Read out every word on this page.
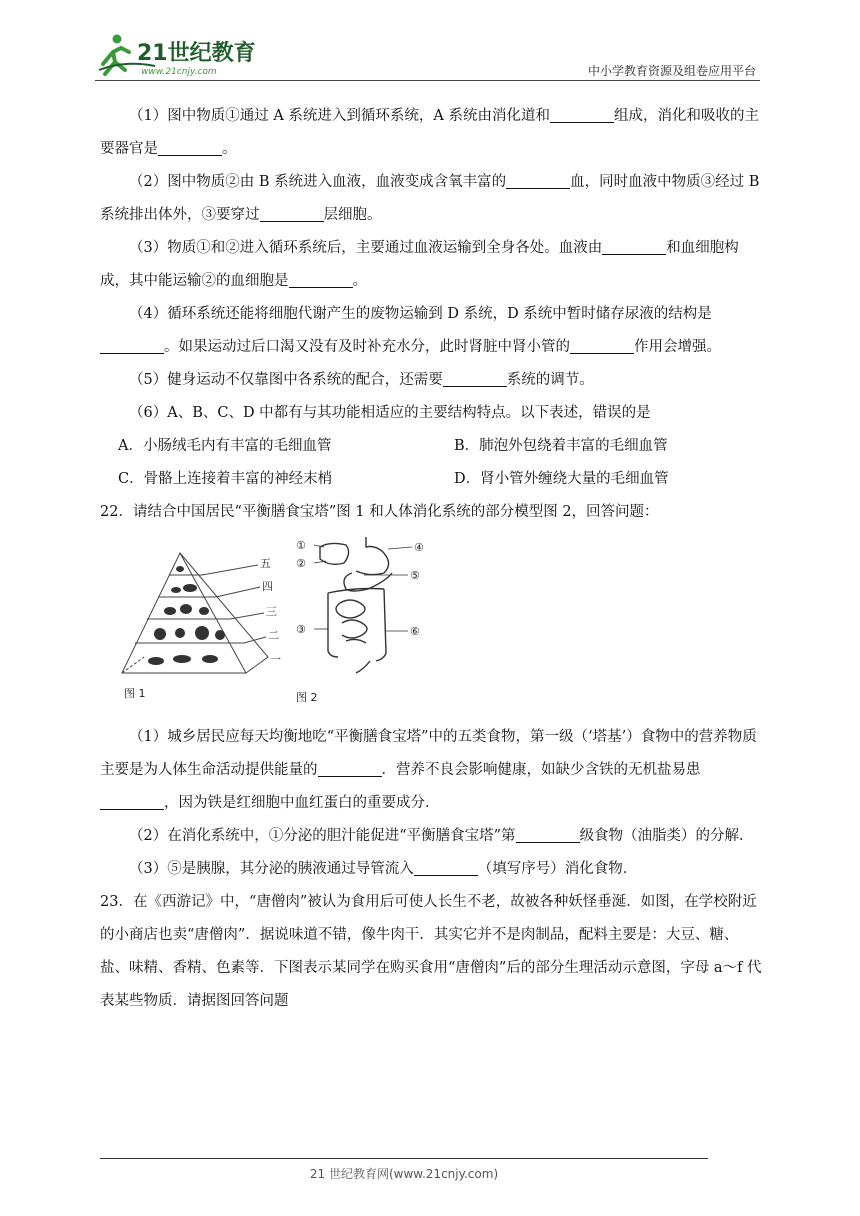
21世纪教育
www.21cnjy.com	中小学教育资源及组卷应用平台

（1）图中物质①通过 A 系统进入到循环系统，A 系统由消化道和	组成，消化和吸收的主要器官是	。

（2）图中物质②由 B 系统进入血液，血液变成含氧丰富的	血，同时血液中物质③经过 B 系统排出体外，③要穿过	层细胞。

（3）物质①和②进入循环系统后，主要通过血液运输到全身各处。血液由	和血细胞构成，其中能运输②的血细胞是	。

（4）循环系统还能将细胞代谢产生的废物运输到 D 系统，D 系统中暂时储存尿液的结构是。如果运动过后口渴又没有及时补充水分，此时肾脏中肾小管的	作用会增强。

（5）健身运动不仅靠图中各系统的配合，还需要	系统的调节。

（6）A、B、C、D 中都有与其功能相适应的主要结构特点。以下表述，错误的是

A．小肠绒毛内有丰富的毛细血管	B．肺泡外包绕着丰富的毛细血管
C．骨骼上连接着丰富的神经末梢	D．肾小管外缠绕大量的毛细血管

22．请结合中国居民“平衡膳食宝塔”图 1 和人体消化系统的部分模型图 2，回答问题：

五
四
三
二
一
图 1
①
②
③
④
⑤
⑥
图 2

（1）城乡居民应每天均衡地吃“平衡膳食宝塔”中的五类食物，第一级（‘塔基’）食物中的营养物质主要是为人体生命活动提供能量的	．营养不良会影响健康，如缺少含铁的无机盐易患，因为铁是红细胞中血红蛋白的重要成分．

（2）在消化系统中，①分泌的胆汁能促进“平衡膳食宝塔”第	级食物（油脂类）的分解．

（3）⑤是胰腺，其分泌的胰液通过导管流入	（填写序号）消化食物．

23．在《西游记》中，“唐僧肉”被认为食用后可使人长生不老，故被各种妖怪垂涎．如图，在学校附近的小商店也卖“唐僧肉”．据说味道不错，像牛肉干．其实它并不是肉制品，配料主要是：大豆、糖、盐、味精、香精、色素等．下图表示某同学在购买食用“唐僧肉”后的部分生理活动示意图，字母 a～f 代表某些物质．请据图回答问题

21 世纪教育网(www.21cnjy.com)
